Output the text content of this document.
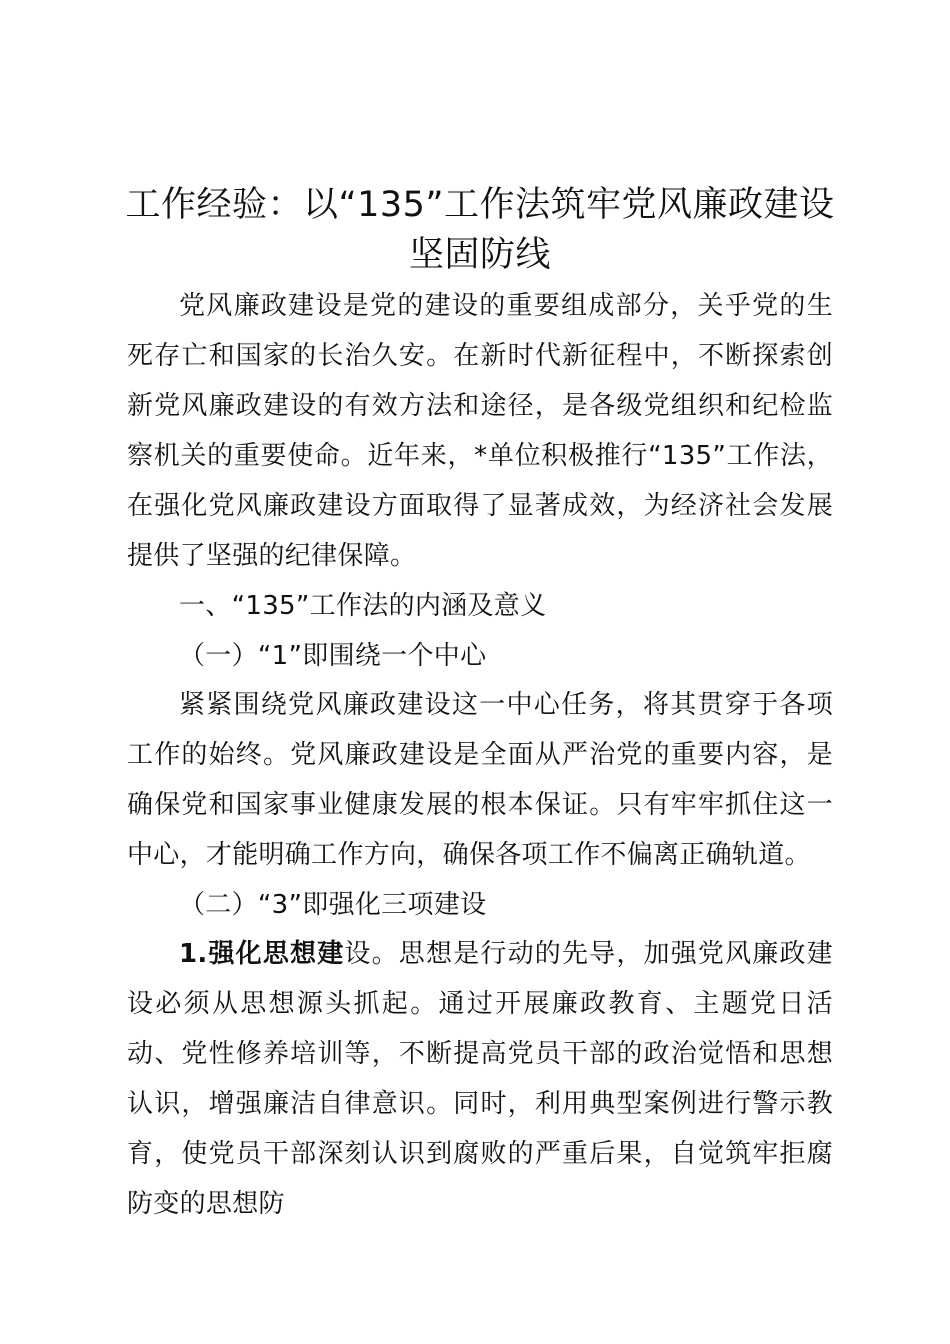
工作经验：以“135”工作法筑牢党风廉政建设坚固防线

党风廉政建设是党的建设的重要组成部分，关乎党的生死存亡和国家的长治久安。在新时代新征程中，不断探索创新党风廉政建设的有效方法和途径，是各级党组织和纪检监察机关的重要使命。近年来，*单位积极推行“135”工作法，在强化党风廉政建设方面取得了显著成效，为经济社会发展提供了坚强的纪律保障。

一、“135”工作法的内涵及意义

（一）“1”即围绕一个中心

紧紧围绕党风廉政建设这一中心任务，将其贯穿于各项工作的始终。党风廉政建设是全面从严治党的重要内容，是确保党和国家事业健康发展的根本保证。只有牢牢抓住这一中心，才能明确工作方向，确保各项工作不偏离正确轨道。

（二）“3”即强化三项建设

1.强化思想建设。思想是行动的先导，加强党风廉政建设必须从思想源头抓起。通过开展廉政教育、主题党日活动、党性修养培训等，不断提高党员干部的政治觉悟和思想认识，增强廉洁自律意识。同时，利用典型案例进行警示教育，使党员干部深刻认识到腐败的严重后果，自觉筑牢拒腐防变的思想防
